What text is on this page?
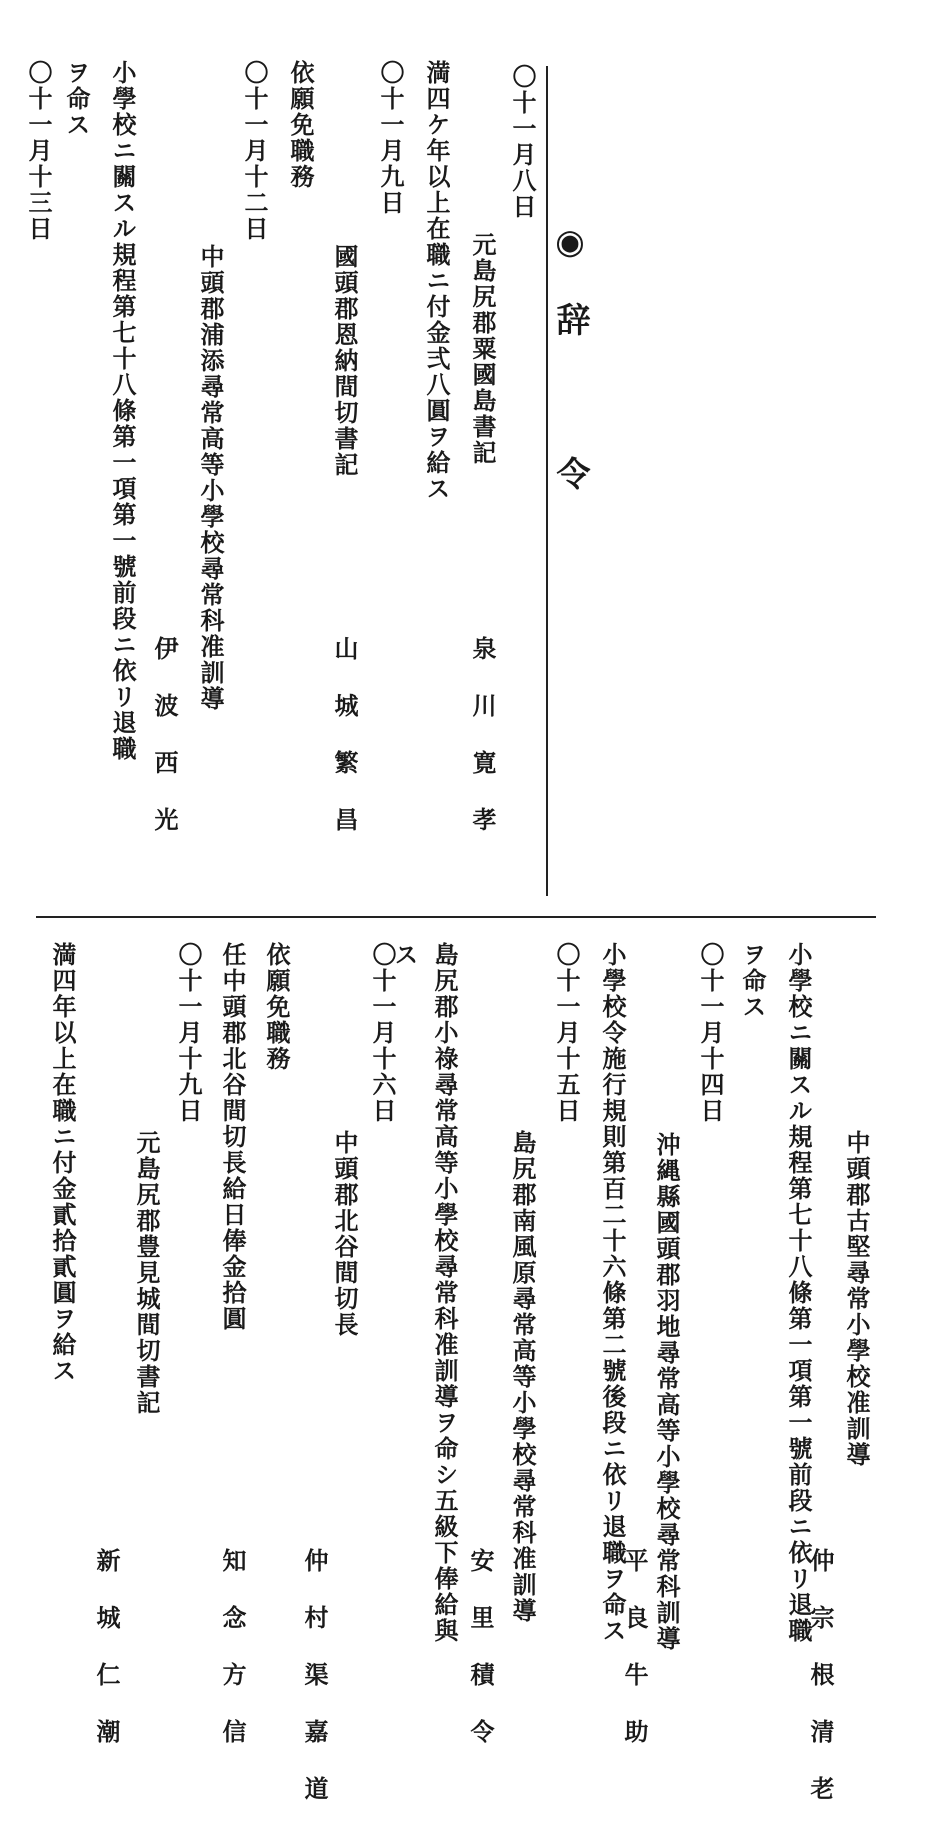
◉辞 令
〇十一月八日
元島尻郡粟國島書記
泉 川 寛 孝
満四ケ年以上在職ニ付金弍八圓ヲ給ス
〇十一月九日
國頭郡恩納間切書記
山 城 繁 昌
依願免職務
〇十一月十二日
中頭郡浦添尋常高等小學校尋常科准訓導
伊 波 西 光
小學校ニ關スル規程第七十八條第一項第一號前段ニ依リ退職
ヲ命ス
〇十一月十三日
中頭郡古堅尋常小學校准訓導
仲 宗 根 清 老
小學校ニ關スル規程第七十八條第一項第一號前段ニ依リ退職
ヲ命ス
〇十一月十四日
沖縄縣國頭郡羽地尋常高等小學校尋常科訓導
平 良 牛 助
小學校令施行規則第百二十六條第二號後段ニ依リ退職ヲ命ス
〇十一月十五日
島尻郡南風原尋常高等小學校尋常科准訓導
安 里 積 令
島尻郡小祿尋常高等小學校尋常科准訓導ヲ命シ五級下俸給與
ス
〇十一月十六日
中頭郡北谷間切長
仲 村 渠 嘉 道
依願免職務
任中頭郡北谷間切長給日俸金拾圓
知 念 方 信
〇十一月十九日
元島尻郡豊見城間切書記
新 城 仁 潮
満四年以上在職ニ付金貳拾貳圓ヲ給ス
